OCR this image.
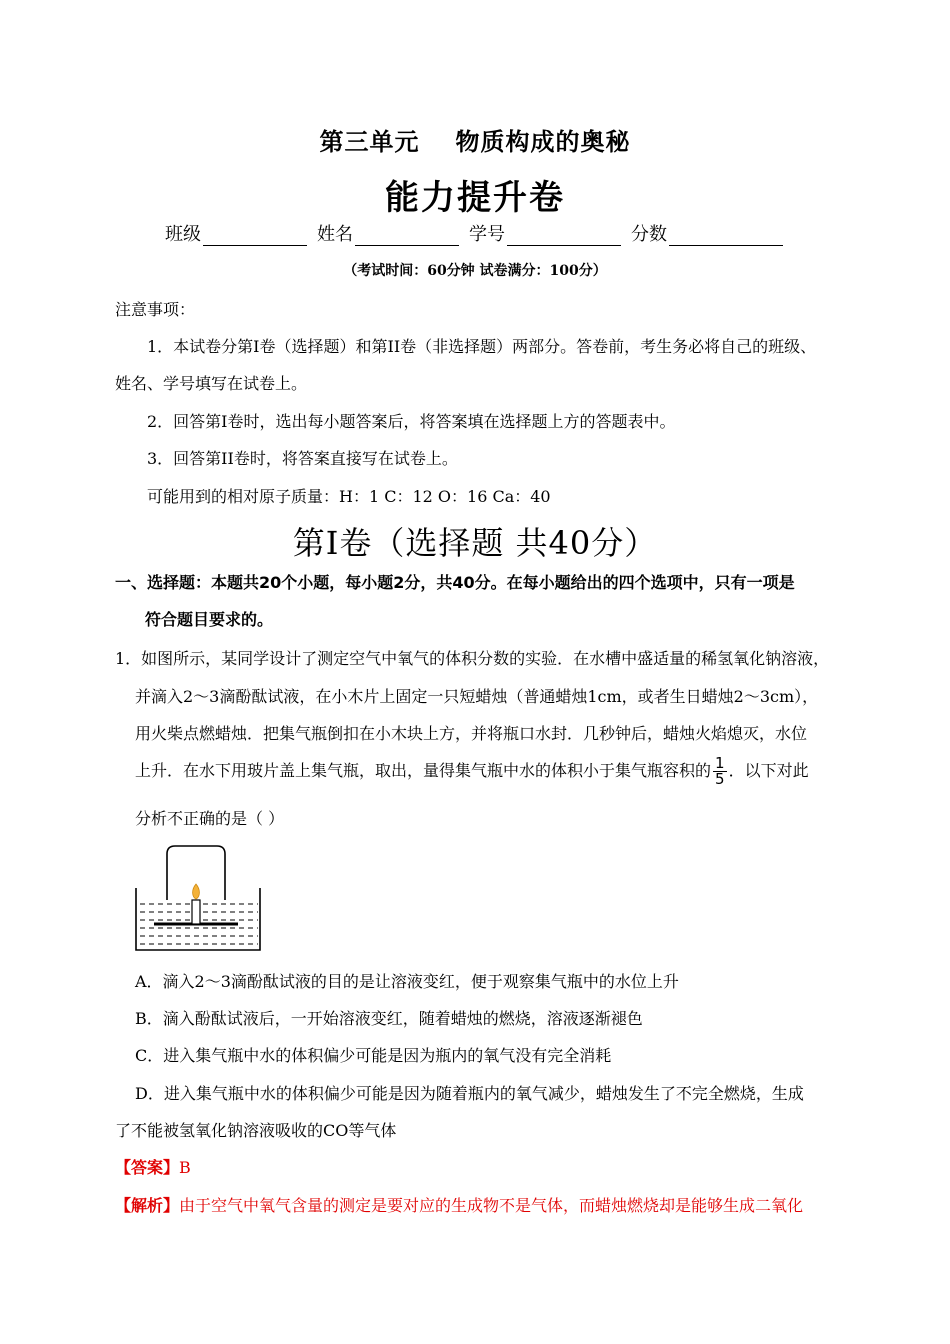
第三单元 物质构成的奥秘
能力提升卷
班级	姓名	学号	分数
（考试时间：60分钟 试卷满分：100分）
注意事项：
1．本试卷分第I卷（选择题）和第II卷（非选择题）两部分。答卷前，考生务必将自己的班级、
姓名、学号填写在试卷上。
2．回答第I卷时，选出每小题答案后，将答案填在选择题上方的答题表中。
3．回答第II卷时，将答案直接写在试卷上。
可能用到的相对原子质量：H：1 C：12 O：16 Ca：40
第I卷（选择题 共40分）
一、选择题：本题共20个小题，每小题2分，共40分。在每小题给出的四个选项中，只有一项是
符合题目要求的。
1．如图所示，某同学设计了测定空气中氧气的体积分数的实验．在水槽中盛适量的稀氢氧化钠溶液，
并滴入2～3滴酚酞试液，在小木片上固定一只短蜡烛（普通蜡烛1cm，或者生日蜡烛2～3cm），
用火柴点燃蜡烛．把集气瓶倒扣在小木块上方，并将瓶口水封．几秒钟后，蜡烛火焰熄灭，水位
上升．在水下用玻片盖上集气瓶，取出，量得集气瓶中水的体积小于集气瓶容积的 $\frac{1}{5}$ ．以下对此
分析不正确的是（ ）
A．滴入2～3滴酚酞试液的目的是让溶液变红，便于观察集气瓶中的水位上升
B．滴入酚酞试液后，一开始溶液变红，随着蜡烛的燃烧，溶液逐渐褪色
C．进入集气瓶中水的体积偏少可能是因为瓶内的氧气没有完全消耗
D．进入集气瓶中水的体积偏少可能是因为随着瓶内的氧气减少，蜡烛发生了不完全燃烧，生成
了不能被氢氧化钠溶液吸收的CO等气体
【答案】B
【解析】由于空气中氧气含量的测定是要对应的生成物不是气体，而蜡烛燃烧却是能够生成二氧化
